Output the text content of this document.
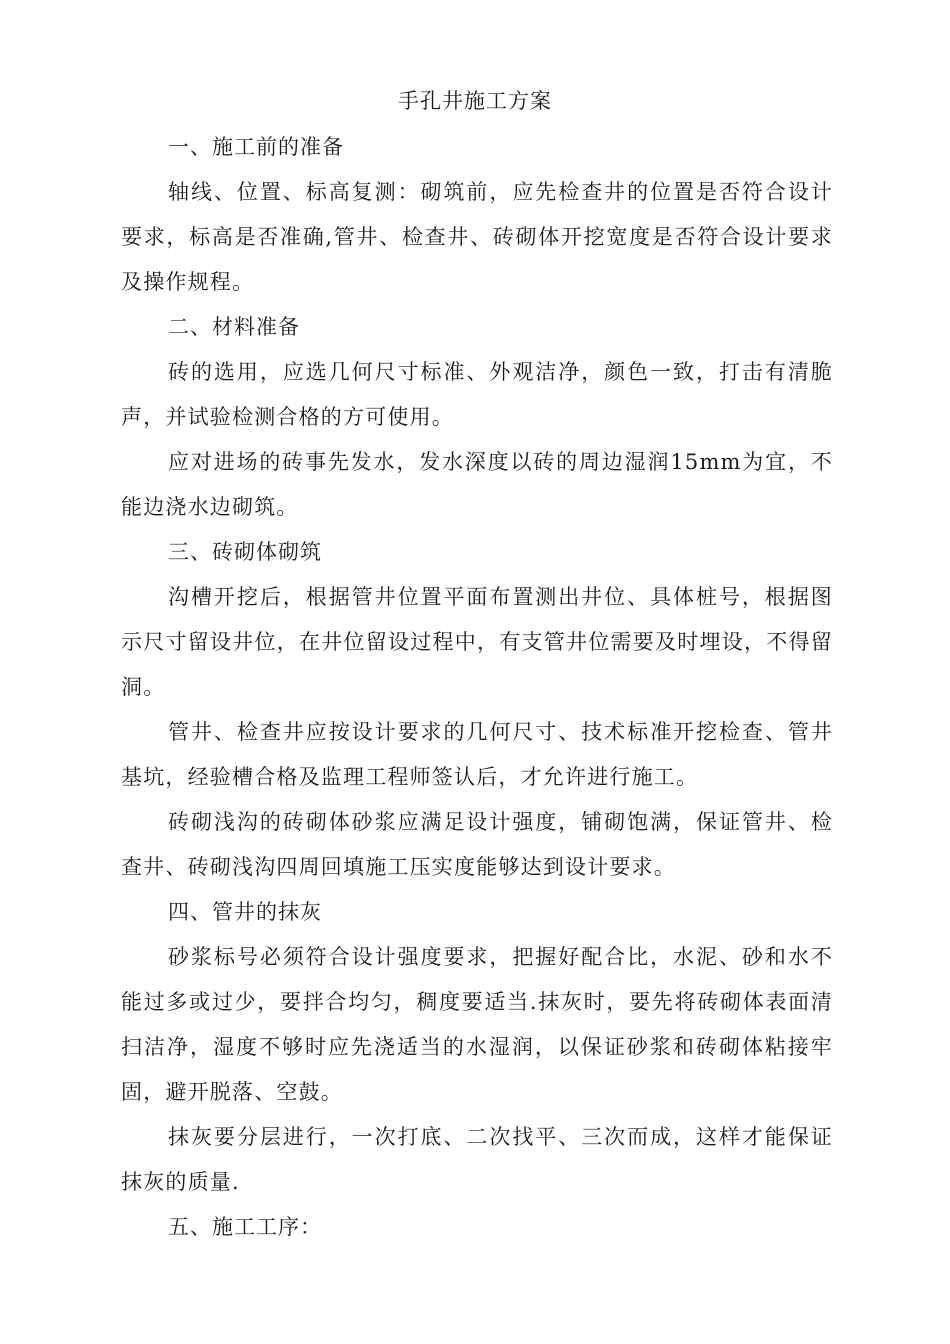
手孔井施工方案

一、施工前的准备

轴线、位置、标高复测：砌筑前，应先检查井的位置是否符合设计要求，标高是否准确,管井、检查井、砖砌体开挖宽度是否符合设计要求及操作规程。

二、材料准备

砖的选用，应选几何尺寸标准、外观洁净，颜色一致，打击有清脆声，并试验检测合格的方可使用。

应对进场的砖事先发水，发水深度以砖的周边湿润15mm为宜，不能边浇水边砌筑。

三、砖砌体砌筑

沟槽开挖后，根据管井位置平面布置测出井位、具体桩号，根据图示尺寸留设井位，在井位留设过程中，有支管井位需要及时埋设，不得留洞。

管井、检查井应按设计要求的几何尺寸、技术标准开挖检查、管井基坑，经验槽合格及监理工程师签认后，才允许进行施工。

砖砌浅沟的砖砌体砂浆应满足设计强度，铺砌饱满，保证管井、检查井、砖砌浅沟四周回填施工压实度能够达到设计要求。

四、管井的抹灰

砂浆标号必须符合设计强度要求，把握好配合比，水泥、砂和水不能过多或过少，要拌合均匀，稠度要适当.抹灰时，要先将砖砌体表面清扫洁净，湿度不够时应先浇适当的水湿润，以保证砂浆和砖砌体粘接牢固，避开脱落、空鼓。

抹灰要分层进行，一次打底、二次找平、三次而成，这样才能保证抹灰的质量.

五、施工工序：
